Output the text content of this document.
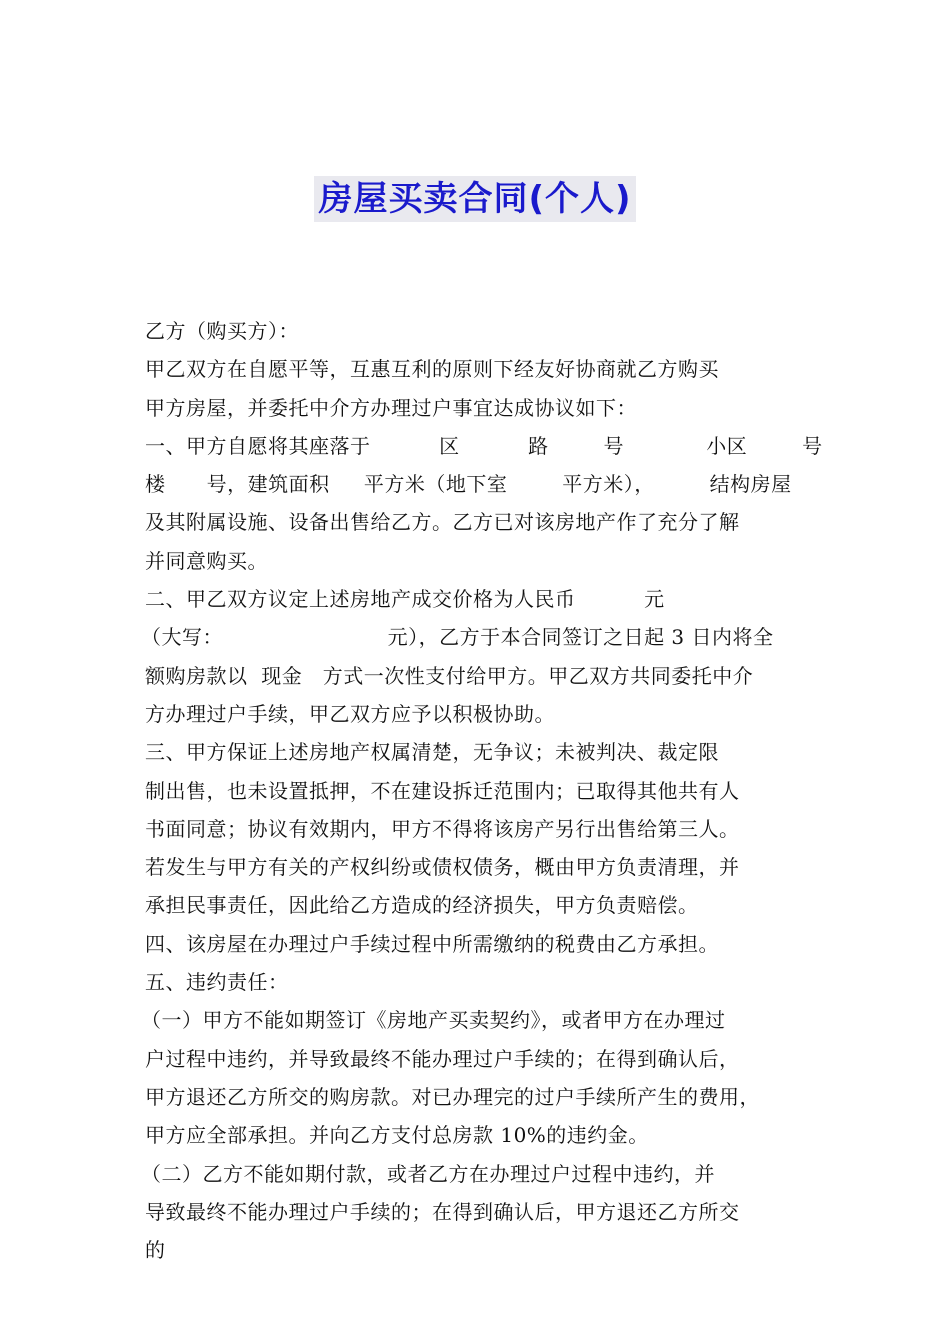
房屋买卖合同(个人)
乙方（购买方）：
甲乙双方在自愿平等，互惠互利的原则下经友好协商就乙方购买
甲方房屋，并委托中介方办理过户事宜达成协议如下：
一、甲方自愿将其座落于          区          路        号            小区        号
楼      号，建筑面积     平方米（地下室        平方米），        结构房屋
及其附属设施、设备出售给乙方。乙方已对该房地产作了充分了解
并同意购买。
二、甲乙双方议定上述房地产成交价格为人民币          元
（大写：                        元），乙方于本合同签订之日起 3 日内将全
额购房款以  现金   方式一次性支付给甲方。甲乙双方共同委托中介
方办理过户手续，甲乙双方应予以积极协助。
三、甲方保证上述房地产权属清楚，无争议；未被判决、裁定限
制出售，也未设置抵押，不在建设拆迁范围内；已取得其他共有人
书面同意；协议有效期内，甲方不得将该房产另行出售给第三人。
若发生与甲方有关的产权纠纷或债权债务，概由甲方负责清理，并
承担民事责任，因此给乙方造成的经济损失，甲方负责赔偿。
四、该房屋在办理过户手续过程中所需缴纳的税费由乙方承担。
五、违约责任：
（一）甲方不能如期签订《房地产买卖契约》，或者甲方在办理过
户过程中违约，并导致最终不能办理过户手续的；在得到确认后，
甲方退还乙方所交的购房款。对已办理完的过户手续所产生的费用，
甲方应全部承担。并向乙方支付总房款 10%的违约金。
（二）乙方不能如期付款，或者乙方在办理过户过程中违约，并
导致最终不能办理过户手续的；在得到确认后，甲方退还乙方所交
的
